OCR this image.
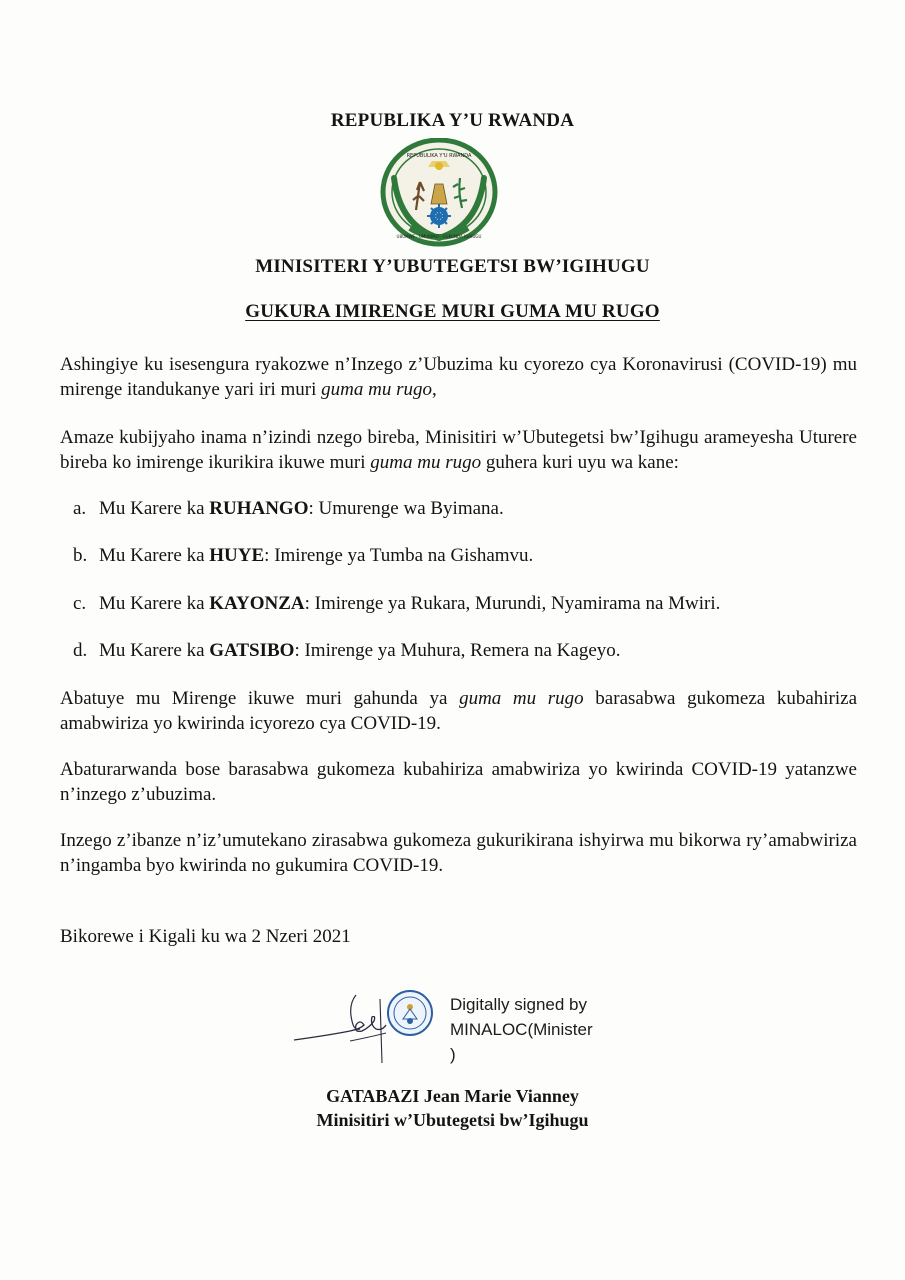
REPUBLIKA Y’U RWANDA
REPUBULIKA Y'U RWANDA
UBUMWE · UMURIMO · GUKUNDA IGIHUGU
MINISITERI Y’UBUTEGETSI BW’IGIHUGU
GUKURA IMIRENGE MURI GUMA MU RUGO
Ashingiye ku isesengura ryakozwe n’Inzego z’Ubuzima ku cyorezo cya Koronavirusi (COVID-19) mu mirenge itandukanye yari iri muri guma mu rugo,
Amaze kubijyaho inama n’izindi nzego bireba, Minisitiri w’Ubutegetsi bw’Igihugu arameyesha Uturere bireba ko imirenge ikurikira ikuwe muri guma mu rugo guhera kuri uyu wa kane:
a. Mu Karere ka RUHANGO: Umurenge wa Byimana.
b. Mu Karere ka HUYE: Imirenge ya Tumba na Gishamvu.
c. Mu Karere ka KAYONZA: Imirenge ya Rukara, Murundi, Nyamirama na Mwiri.
d. Mu Karere ka GATSIBO: Imirenge ya Muhura, Remera na Kageyo.
Abatuye mu Mirenge ikuwe muri gahunda ya guma mu rugo barasabwa gukomeza kubahiriza amabwiriza yo kwirinda icyorezo cya COVID-19.
Abaturarwanda bose barasabwa gukomeza kubahiriza amabwiriza yo kwirinda COVID-19 yatanzwe n’inzego z’ubuzima.
Inzego z’ibanze n’iz’umutekano zirasabwa gukomeza gukurikirana ishyirwa mu bikorwa ry’amabwiriza n’ingamba byo kwirinda no gukumira COVID-19.
Bikorewe i Kigali ku wa 2 Nzeri 2021
Digitally signed by
MINALOC(Minister
)
GATABAZI Jean Marie Vianney
Minisitiri w’Ubutegetsi bw’Igihugu
